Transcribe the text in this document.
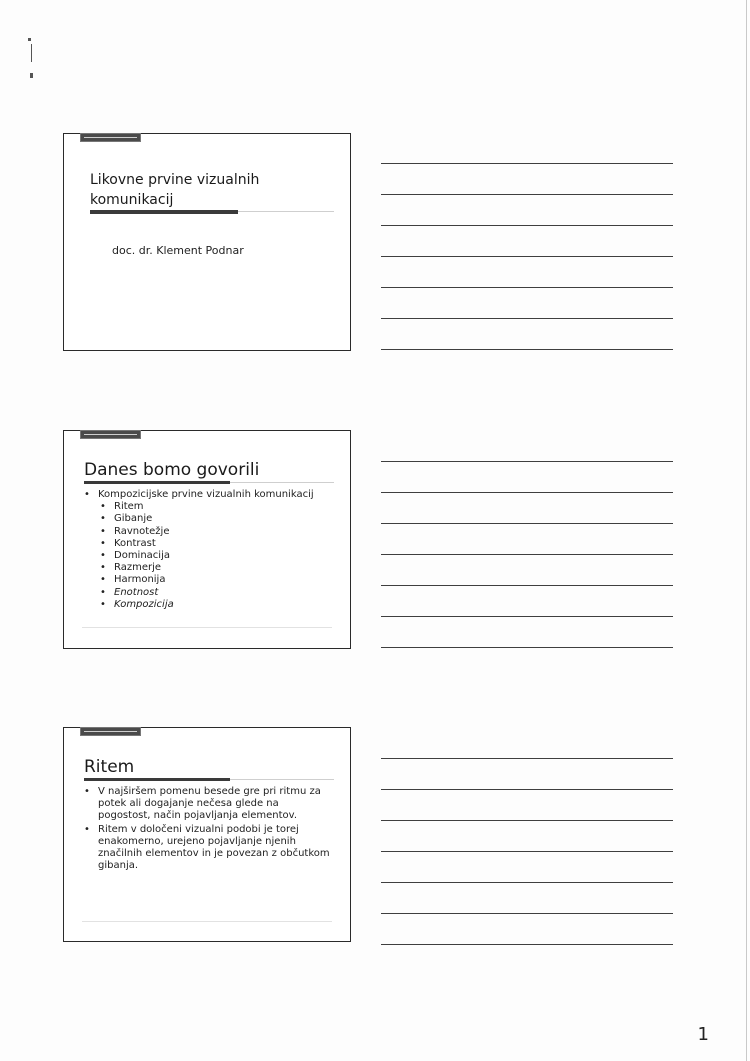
Likovne prvine vizualnih komunikacij
doc. dr. Klement Podnar
Danes bomo govorili
• Kompozicijske prvine vizualnih komunikacij
• Ritem
• Gibanje
• Ravnotežje
• Kontrast
• Dominacija
• Razmerje
• Harmonija
• Enotnost
• Kompozicija
Ritem
• V najširšem pomenu besede gre pri ritmu za potek ali dogajanje nečesa glede na pogostost, način pojavljanja elementov.
• Ritem v določeni vizualni podobi je torej enakomerno, urejeno pojavljanje njenih značilnih elementov in je povezan z občutkom gibanja.
1
